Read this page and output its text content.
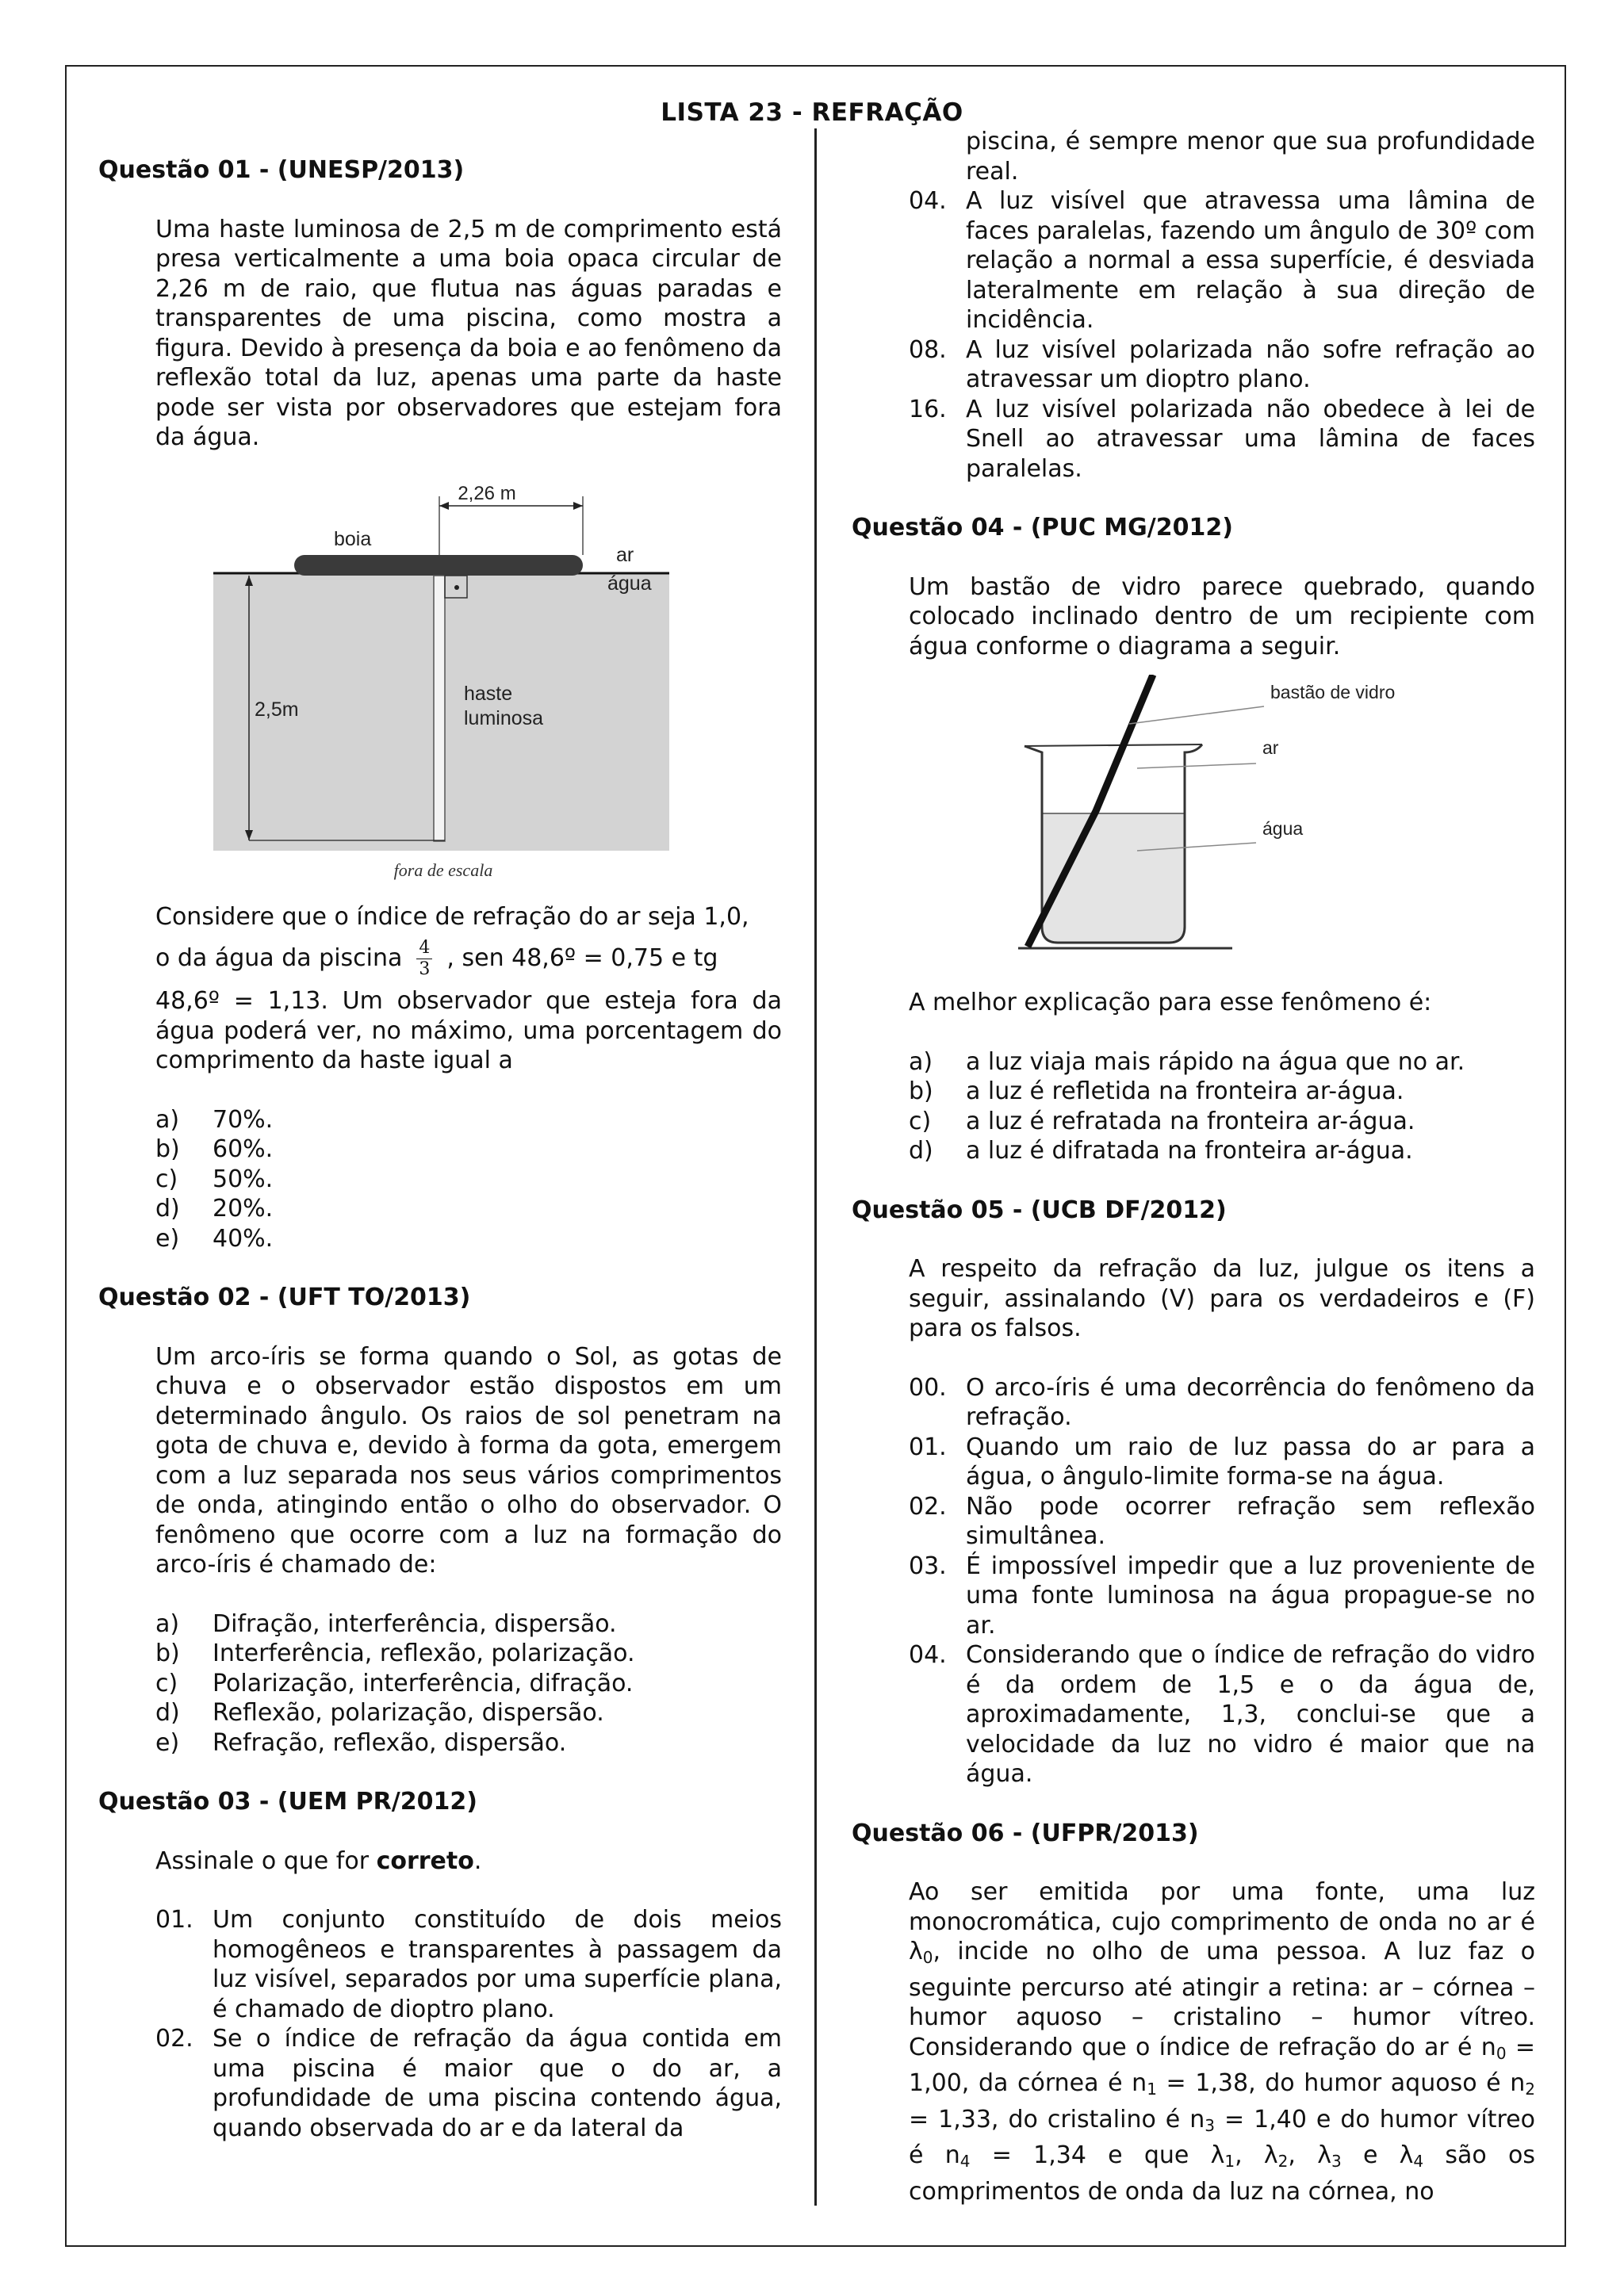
LISTA 23 - REFRAÇÃO
Questão 01 - (UNESP/2013)
Uma haste luminosa de 2,5 m de comprimento está presa verticalmente a uma boia opaca circular de 2,26 m de raio, que flutua nas águas paradas e transparentes de uma piscina, como mostra a figura. Devido à presença da boia e ao fenômeno da reflexão total da luz, apenas uma parte da haste pode ser vista por observadores que estejam fora da água.
2,26 m
boia
ar
água
2,5m
haste
luminosa
fora de escala
Considere que o índice de refração do ar seja 1,0,
o da água da piscina $\frac{4}{3}$ , sen 48,6º = 0,75 e tg
48,6º = 1,13. Um observador que esteja fora da água poderá ver, no máximo, uma porcentagem do comprimento da haste igual a
a)	70%.
b)	60%.
c)	50%.
d)	20%.
e)	40%.
Questão 02 - (UFT TO/2013)
Um arco-íris se forma quando o Sol, as gotas de chuva e o observador estão dispostos em um determinado ângulo. Os raios de sol penetram na gota de chuva e, devido à forma da gota, emergem com a luz separada nos seus vários comprimentos de onda, atingindo então o olho do observador. O fenômeno que ocorre com a luz na formação do arco-íris é chamado de:
a)	Difração, interferência, dispersão.
b)	Interferência, reflexão, polarização.
c)	Polarização, interferência, difração.
d)	Reflexão, polarização, dispersão.
e)	Refração, reflexão, dispersão.
Questão 03 - (UEM PR/2012)
Assinale o que for correto.
01. Um conjunto constituído de dois meios homogêneos e transparentes à passagem da luz visível, separados por uma superfície plana, é chamado de dioptro plano.
02. Se o índice de refração da água contida em uma piscina é maior que o do ar, a profundidade de uma piscina contendo água, quando observada do ar e da lateral da
piscina, é sempre menor que sua profundidade real.
04. A luz visível que atravessa uma lâmina de faces paralelas, fazendo um ângulo de 30º com relação a normal a essa superfície, é desviada lateralmente em relação à sua direção de incidência.
08. A luz visível polarizada não sofre refração ao atravessar um dioptro plano.
16. A luz visível polarizada não obedece à lei de Snell ao atravessar uma lâmina de faces paralelas.
Questão 04 - (PUC MG/2012)
Um bastão de vidro parece quebrado, quando colocado inclinado dentro de um recipiente com água conforme o diagrama a seguir.
bastão de vidro
ar
água
A melhor explicação para esse fenômeno é:
a)	a luz viaja mais rápido na água que no ar.
b)	a luz é refletida na fronteira ar-água.
c)	a luz é refratada na fronteira ar-água.
d)	a luz é difratada na fronteira ar-água.
Questão 05 - (UCB DF/2012)
A respeito da refração da luz, julgue os itens a seguir, assinalando (V) para os verdadeiros e (F) para os falsos.
00. O arco-íris é uma decorrência do fenômeno da refração.
01. Quando um raio de luz passa do ar para a água, o ângulo-limite forma-se na água.
02. Não pode ocorrer refração sem reflexão simultânea.
03. É impossível impedir que a luz proveniente de uma fonte luminosa na água propague-se no ar.
04. Considerando que o índice de refração do vidro é da ordem de 1,5 e o da água de, aproximadamente, 1,3, conclui-se que a velocidade da luz no vidro é maior que na água.
Questão 06 - (UFPR/2013)
Ao ser emitida por uma fonte, uma luz monocromática, cujo comprimento de onda no ar é $\lambda_0$, incide no olho de uma pessoa. A luz faz o seguinte percurso até atingir a retina: ar – córnea – humor aquoso – cristalino – humor vítreo. Considerando que o índice de refração do ar é $n_0 = 1,00$, da córnea é $n_1 = 1,38$, do humor aquoso é $n_2 = 1,33$, do cristalino é $n_3 = 1,40$ e do humor vítreo é $n_4 = 1,34$ e que $\lambda_1$, $\lambda_2$, $\lambda_3$ e $\lambda_4$ são os comprimentos de onda da luz na córnea, no
